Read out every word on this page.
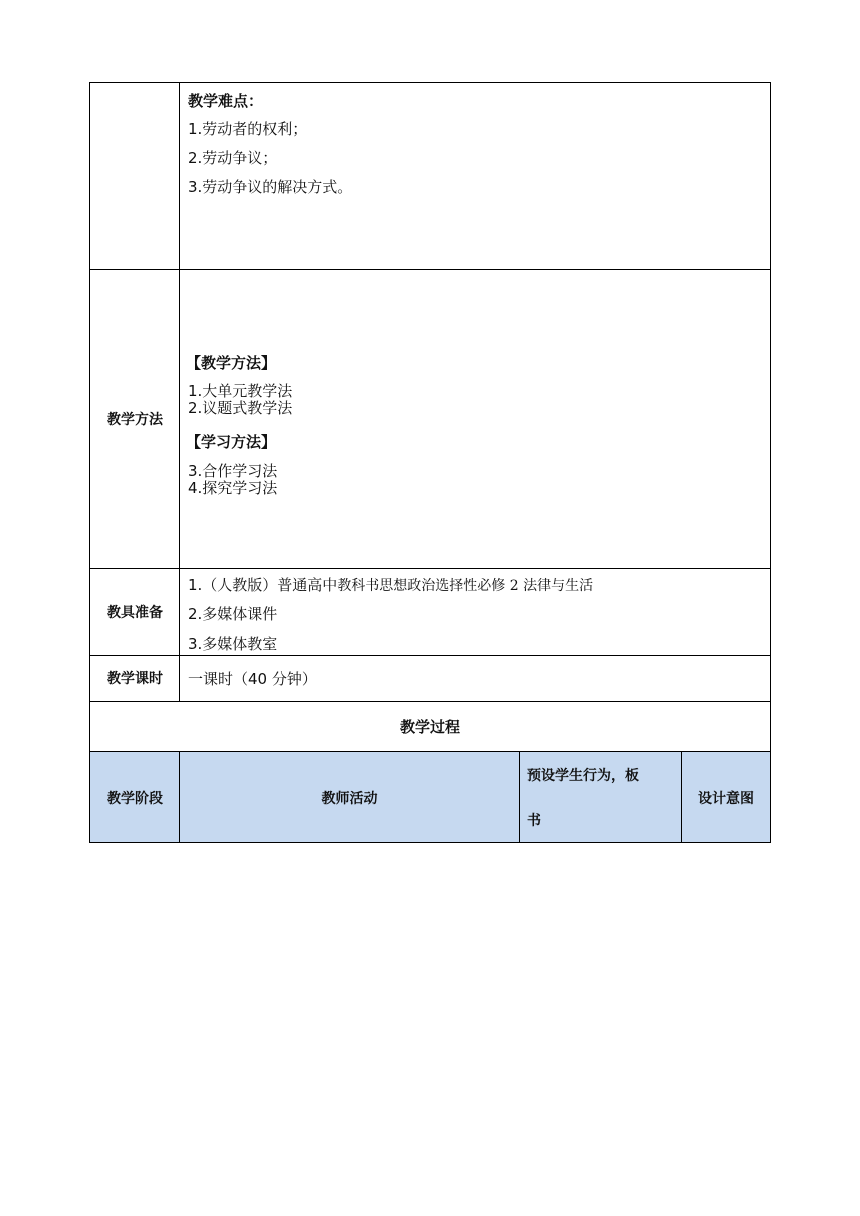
教学难点：
1.劳动者的权利；
2.劳动争议；
3.劳动争议的解决方式。
教学方法
【教学方法】
1.大单元教学法
2.议题式教学法
【学习方法】
3.合作学习法
4.探究学习法
教具准备
1.（人教版）普通高中教科书思想政治选择性必修 2 法律与生活
2.多媒体课件
3.多媒体教室
教学课时	一课时（40 分钟）
教学过程
教学阶段	教师活动
预设学生行为，板
书
设计意图
